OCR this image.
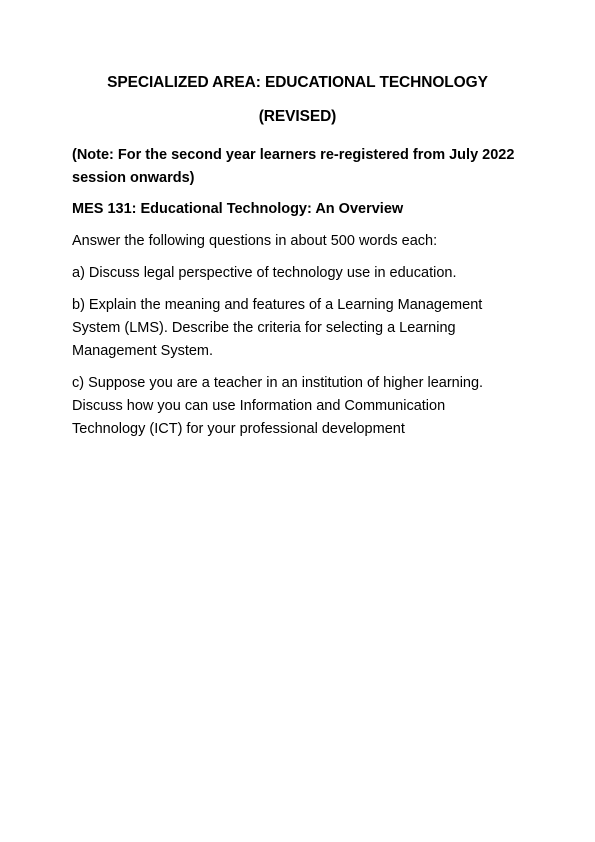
SPECIALIZED AREA: EDUCATIONAL TECHNOLOGY
(REVISED)
(Note: For the second year learners re-registered from July 2022 session onwards)
MES 131: Educational Technology: An Overview
Answer the following questions in about 500 words each:
a) Discuss legal perspective of technology use in education.
b) Explain the meaning and features of a Learning Management System (LMS). Describe the criteria for selecting a Learning Management System.
c) Suppose you are a teacher in an institution of higher learning. Discuss how you can use Information and Communication Technology (ICT) for your professional development
